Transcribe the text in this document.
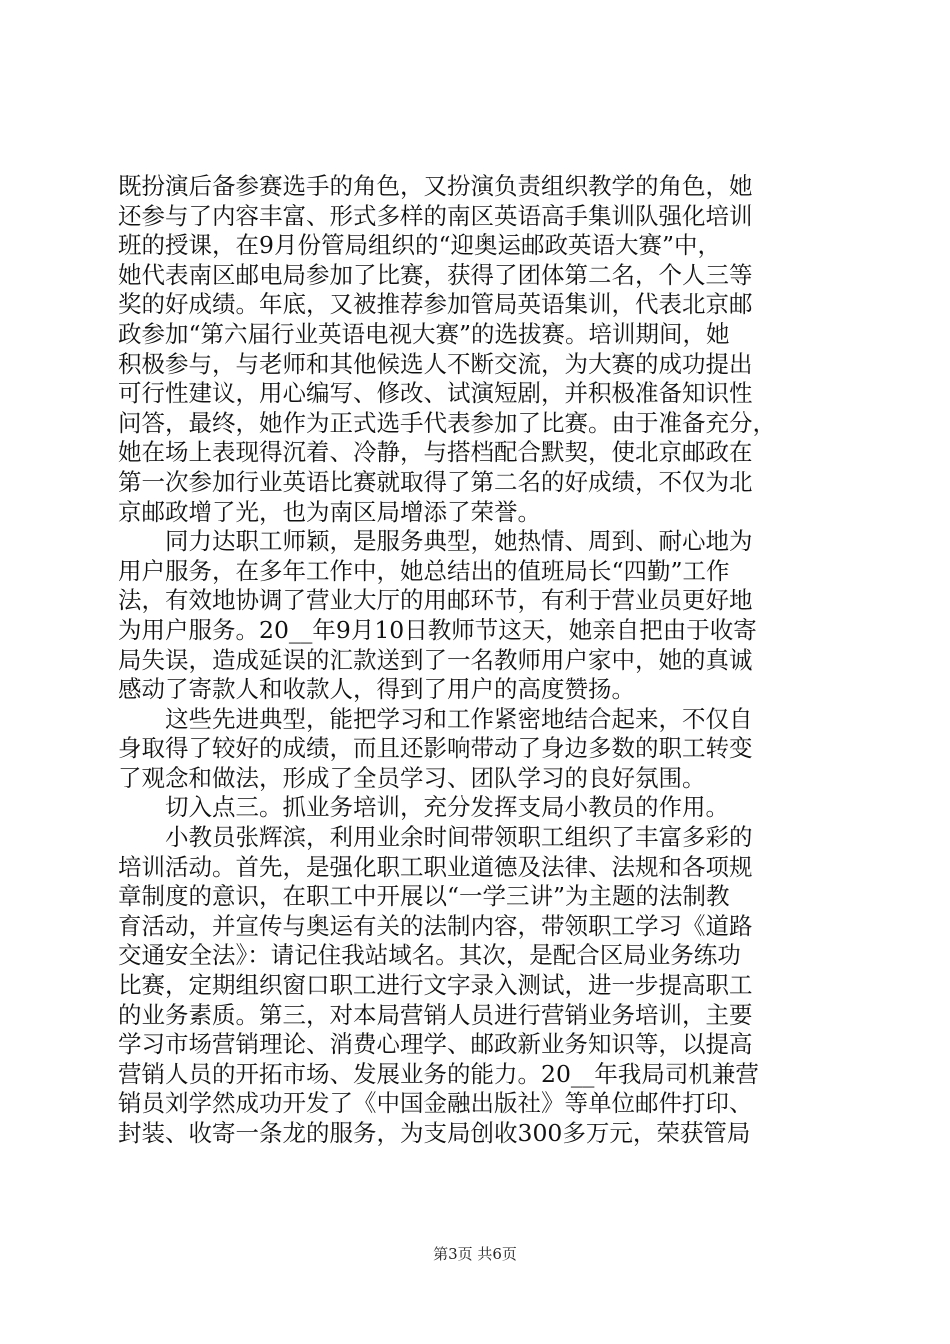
既扮演后备参赛选手的角色，又扮演负责组织教学的角色，她
还参与了内容丰富、形式多样的南区英语高手集训队强化培训
班的授课，在9月份管局组织的“迎奥运邮政英语大赛”中，
她代表南区邮电局参加了比赛，获得了团体第二名，个人三等
奖的好成绩。年底，又被推荐参加管局英语集训，代表北京邮
政参加“第六届行业英语电视大赛”的选拔赛。培训期间，她
积极参与，与老师和其他候选人不断交流，为大赛的成功提出
可行性建议，用心编写、修改、试演短剧，并积极准备知识性
问答，最终，她作为正式选手代表参加了比赛。由于准备充分，
她在场上表现得沉着、冷静，与搭档配合默契，使北京邮政在
第一次参加行业英语比赛就取得了第二名的好成绩，不仅为北
京邮政增了光，也为南区局增添了荣誉。
　　同力达职工师颖，是服务典型，她热情、周到、耐心地为
用户服务，在多年工作中，她总结出的值班局长“四勤”工作
法，有效地协调了营业大厅的用邮环节，有利于营业员更好地
为用户服务。20__年9月10日教师节这天，她亲自把由于收寄
局失误，造成延误的汇款送到了一名教师用户家中，她的真诚
感动了寄款人和收款人，得到了用户的高度赞扬。
　　这些先进典型，能把学习和工作紧密地结合起来，不仅自
身取得了较好的成绩，而且还影响带动了身边多数的职工转变
了观念和做法，形成了全员学习、团队学习的良好氛围。
　　切入点三。抓业务培训，充分发挥支局小教员的作用。
　　小教员张辉滨，利用业余时间带领职工组织了丰富多彩的
培训活动。首先，是强化职工职业道德及法律、法规和各项规
章制度的意识，在职工中开展以“一学三讲”为主题的法制教
育活动，并宣传与奥运有关的法制内容，带领职工学习《道路
交通安全法》：请记住我站域名。其次，是配合区局业务练功
比赛，定期组织窗口职工进行文字录入测试，进一步提高职工
的业务素质。第三，对本局营销人员进行营销业务培训，主要
学习市场营销理论、消费心理学、邮政新业务知识等，以提高
营销人员的开拓市场、发展业务的能力。20__年我局司机兼营
销员刘学然成功开发了《中国金融出版社》等单位邮件打印、
封装、收寄一条龙的服务，为支局创收300多万元，荣获管局
第3页 共6页
